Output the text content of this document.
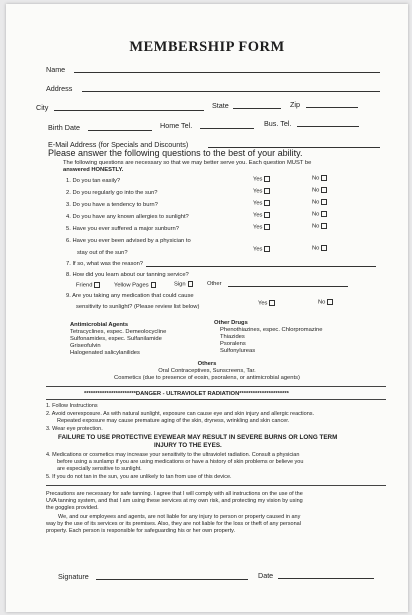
MEMBERSHIP FORM
Name
Address
City	State	Zip
Birth Date	Home Tel.	Bus. Tel.
E-Mail Address (for Specials and Discounts)
Please answer the following questions to the best of your ability.
The following questions are necessary so that we may better serve you. Each question MUST be
answered HONESTLY.
1. Do you tan easily?	Yes	No
2. Do you regularly go into the sun?	Yes	No
3. Do you have a tendency to burn?	Yes	No
4. Do you have any known allergies to sunlight?	Yes	No
5. Have you ever suffered a major sunburn?	Yes	No
6. Have you ever been advised by a physician to
stay out of the sun?
Yes	No
7. If so, what was the reason?
8. How did you learn about our tanning service?
Friend	Yellow Pages	Sign	Other
9. Are you taking any medication that could cause
sensitivity to sunlight? (Please review list below)
Yes	No
Antimicrobial Agents
Tetracyclines, espec. Demeolocycline
Sulfonamides, espec. Sulfanilamide
Griseofulvin
Halogenated salicylanilides
Other Drugs
Phenothiazines, espec. Chlorpromazine
Thiazides
Psoralens
Sulfonylureas
Others
Oral Contraceptives, Sunscreens, Tar.
Cosmetics (due to presence of eosin, psoralens, or antimicrobial agents)
***********************DANGER - ULTRAVIOLET RADIATION**********************
1. Follow Instructions
2. Avoid overexposure. As with natural sunlight, exposure can cause eye and skin injury and allergic reactions.
Repeated exposure may cause premature aging of the skin, dryness, wrinkling and skin cancer.
3. Wear eye protection.
FAILURE TO USE PROTECTIVE EYEWEAR MAY RESULT IN SEVERE BURNS OR LONG TERM
INJURY TO THE EYES.
4. Medications or cosmetics may increase your sensitivity to the ultraviolet radiation. Consult a physician
before using a sunlamp if you are using medications or have a history of skin problems or believe you
are especially sensitive to sunlight.
5. If you do not tan in the sun, you are unlikely to tan from use of this device.
Precautions are necessary for safe tanning. I agree that I will comply with all instructions on the use of the
UVA tanning system, and that I am using these services at my own risk, and protecting my vision by using
the goggles provided.
We, and our employees and agents, are not liable for any injury to person or property caused in any
way by the use of its services or its premises. Also, they are not liable for the loss or theft of any personal
property. Each person is responsible for safeguarding his or her own property.
Signature	Date
